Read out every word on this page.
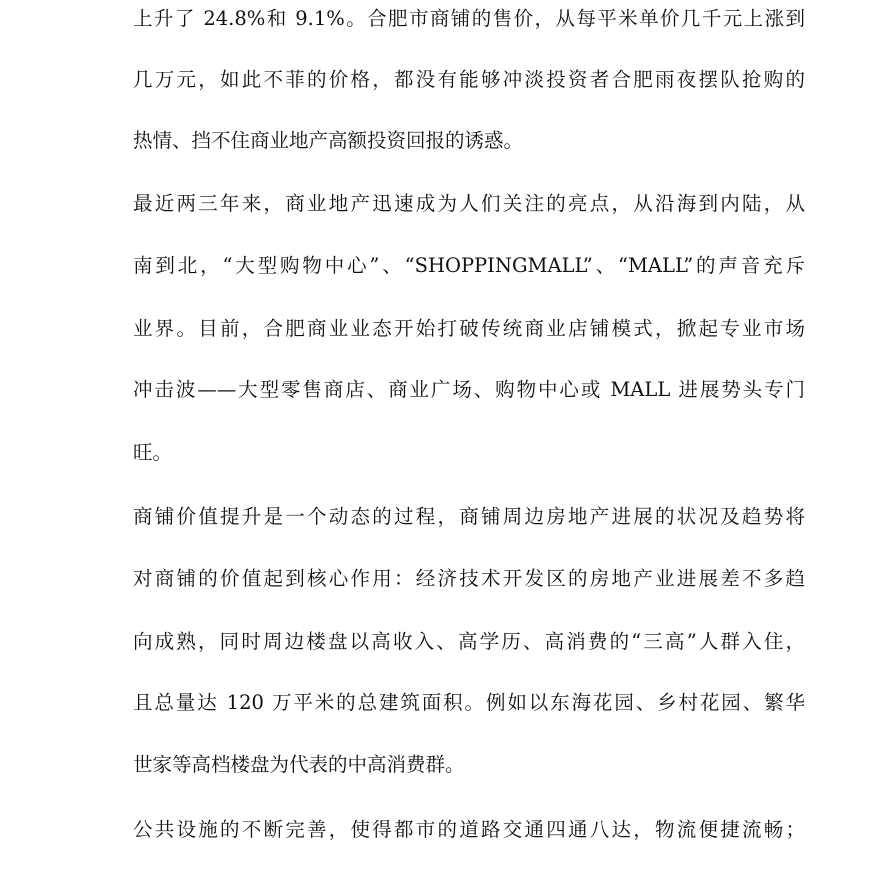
上升了 24.8%和 9.1%。合肥市商铺的售价，从每平米单价几千元上涨到
几万元，如此不菲的价格，都没有能够冲淡投资者合肥雨夜摆队抢购的
热情、挡不住商业地产高额投资回报的诱惑。
最近两三年来，商业地产迅速成为人们关注的亮点，从沿海到内陆，从
南到北，“大型购物中心”、“SHOPPINGMALL”、“MALL”的声音充斥
业界。目前，合肥商业业态开始打破传统商业店铺模式，掀起专业市场
冲击波——大型零售商店、商业广场、购物中心或 MALL 进展势头专门
旺。
商铺价值提升是一个动态的过程，商铺周边房地产进展的状况及趋势将
对商铺的价值起到核心作用：经济技术开发区的房地产业进展差不多趋
向成熟，同时周边楼盘以高收入、高学历、高消费的“三高”人群入住，
且总量达 120 万平米的总建筑面积。例如以东海花园、乡村花园、繁华
世家等高档楼盘为代表的中高消费群。
公共设施的不断完善，使得都市的道路交通四通八达，物流便捷流畅；
